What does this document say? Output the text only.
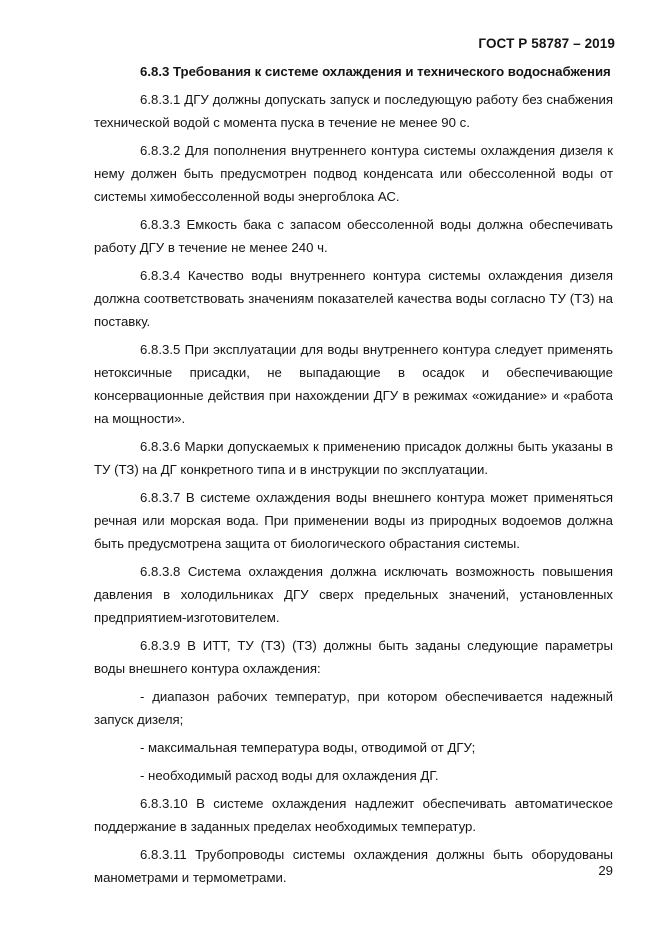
ГОСТ Р 58787 – 2019

6.8.3 Требования к системе охлаждения и технического водоснабжения

6.8.3.1 ДГУ должны допускать запуск и последующую работу без снабжения технической водой с момента пуска в течение не менее 90 с.

6.8.3.2 Для пополнения внутреннего контура системы охлаждения дизеля к нему должен быть предусмотрен подвод конденсата или обессоленной воды от системы химобессоленной воды энергоблока АС.

6.8.3.3 Емкость бака с запасом обессоленной воды должна обеспечивать работу ДГУ в течение не менее 240 ч.

6.8.3.4 Качество воды внутреннего контура системы охлаждения дизеля должна соответствовать значениям показателей качества воды согласно ТУ (ТЗ) на поставку.

6.8.3.5 При эксплуатации для воды внутреннего контура следует применять нетоксичные присадки, не выпадающие в осадок и обеспечивающие консервационные действия при нахождении ДГУ в режимах «ожидание» и «работа на мощности».

6.8.3.6 Марки допускаемых к применению присадок должны быть указаны в ТУ (ТЗ) на ДГ конкретного типа и в инструкции по эксплуатации.

6.8.3.7 В системе охлаждения воды внешнего контура может применяться речная или морская вода. При применении воды из природных водоемов должна быть предусмотрена защита от биологического обрастания системы.

6.8.3.8 Система охлаждения должна исключать возможность повышения давления в холодильниках ДГУ сверх предельных значений, установленных предприятием-изготовителем.

6.8.3.9 В ИТТ, ТУ (ТЗ) (ТЗ) должны быть заданы следующие параметры воды внешнего контура охлаждения:

- диапазон рабочих температур, при котором обеспечивается надежный запуск дизеля;

- максимальная температура воды, отводимой от ДГУ;

- необходимый расход воды для охлаждения ДГ.

6.8.3.10 В системе охлаждения надлежит обеспечивать автоматическое поддержание в заданных пределах необходимых температур.

6.8.3.11 Трубопроводы системы охлаждения должны быть оборудованы манометрами и термометрами.	29
